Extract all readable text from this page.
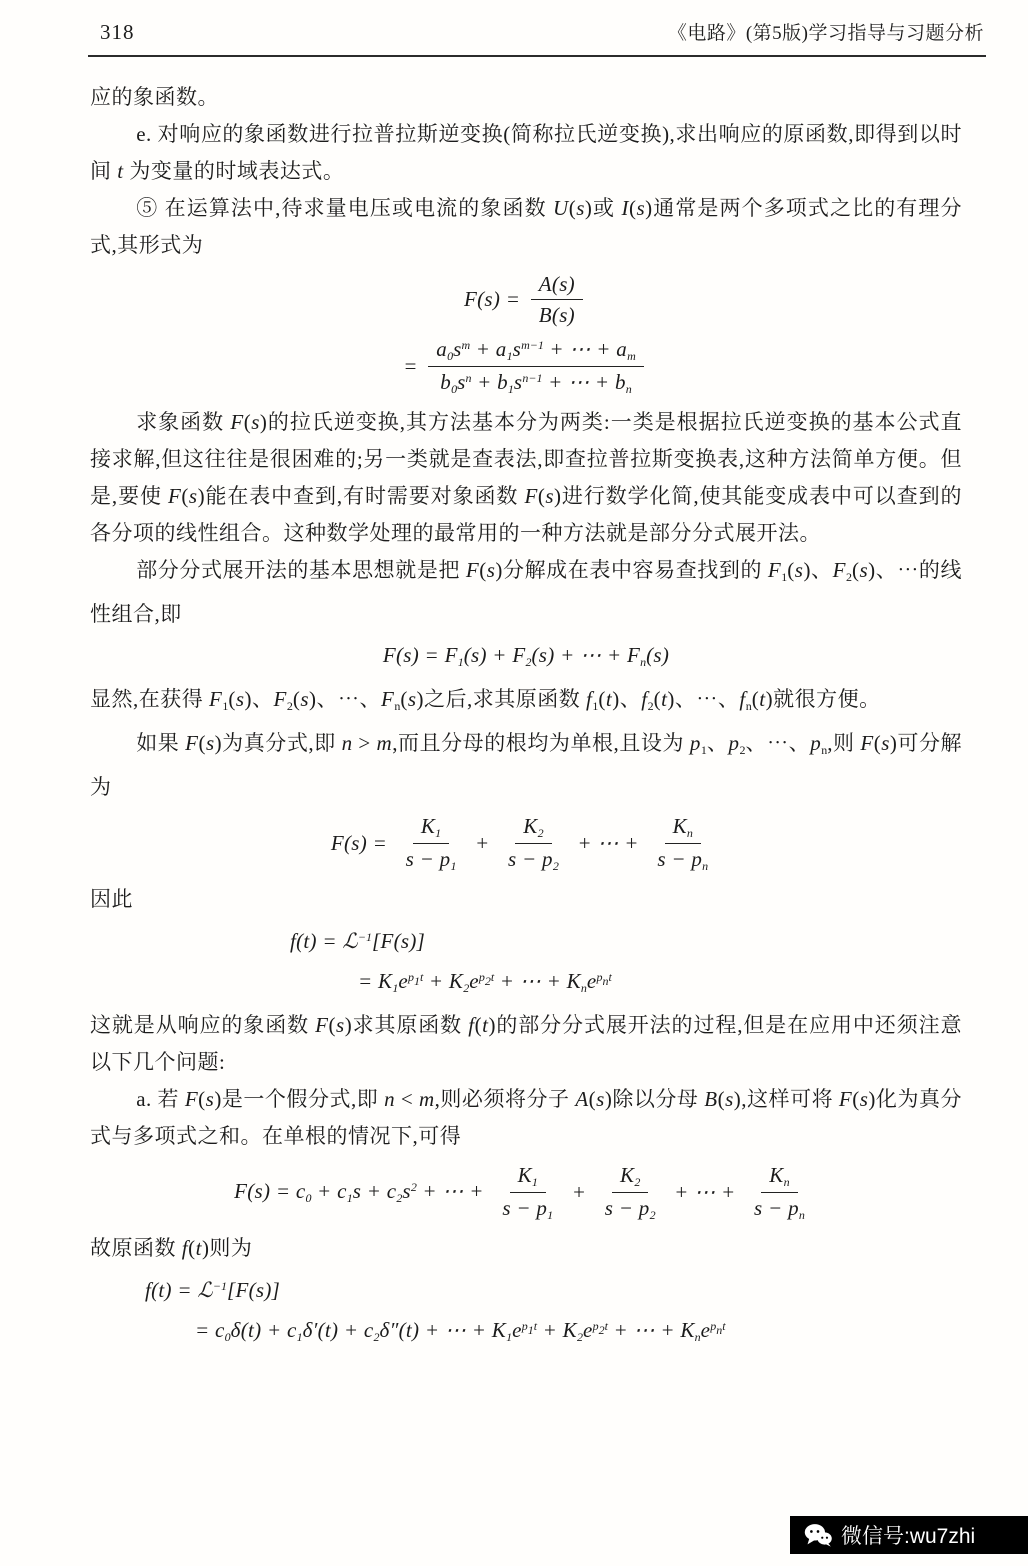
318	《电路》(第5版)学习指导与习题分析

应的象函数。

e. 对响应的象函数进行拉普拉斯逆变换(简称拉氏逆变换),求出响应的原函数,即得到以时间 t 为变量的时域表达式。

⑤ 在运算法中,待求量电压或电流的象函数 U(s)或 I(s)通常是两个多项式之比的有理分式,其形式为

$F(s) = \frac{A(s)}{B(s)}$
= $\frac{a_0s^m + a_1s^{m-1} + \cdots + a_m}{b_0s^n + b_1s^{n-1} + \cdots + b_n}$

求象函数 F(s)的拉氏逆变换,其方法基本分为两类:一类是根据拉氏逆变换的基本公式直接求解,但这往往是很困难的;另一类就是查表法,即查拉普拉斯变换表,这种方法简单方便。但是,要使 F(s)能在表中查到,有时需要对象函数 F(s)进行数学化简,使其能变成表中可以查到的各分项的线性组合。这种数学处理的最常用的一种方法就是部分分式展开法。

部分分式展开法的基本思想就是把 F(s)分解成在表中容易查找到的 $F_1(s)$、$F_2(s)$、⋯的线性组合,即

$F(s) = F_1(s) + F_2(s)$ + ⋯ + $F_n(s)$

显然,在获得 $F_1(s)$、$F_2(s)$、⋯、$F_n(s)$之后,求其原函数 $f_1(t)$、$f_2(t)$、⋯、$f_n(t)$就很方便。

如果 F(s)为真分式,即 n > m,而且分母的根均为单根,且设为 $p_1$、$p_2$、⋯、$p_n$,则 F(s)可分解为

$F(s) = \frac{K_1}{s - p_1} + \frac{K_2}{s - p_2}$ + ⋯ + $\frac{K_n}{s - p_n}$

因此

f(t) = ℒ$^{-1}$[F(s)]
= $K_1e^{p_1t} + K_2e^{p_2t}$ + ⋯ + $K_ne^{p_nt}$

这就是从响应的象函数 F(s)求其原函数 f(t)的部分分式展开法的过程,但是在应用中还须注意以下几个问题:

a. 若 F(s)是一个假分式,即 n < m,则必须将分子 A(s)除以分母 B(s),这样可将 F(s)化为真分式与多项式之和。在单根的情况下,可得

$F(s) = c_0 + c_1s + c_2s^2$ + ⋯ + $\frac{K_1}{s - p_1} + \frac{K_2}{s - p_2}$ + ⋯ + $\frac{K_n}{s - p_n}$

故原函数 f(t)则为

f(t) = ℒ$^{-1}$[F(s)]
= $c_0\delta(t) + c_1\delta'(t) + c_2\delta''(t)$ + ⋯ + $K_1e^{p_1t} + K_2e^{p_2t}$ + ⋯ + $K_ne^{p_nt}$
微信号:wu7zhi
